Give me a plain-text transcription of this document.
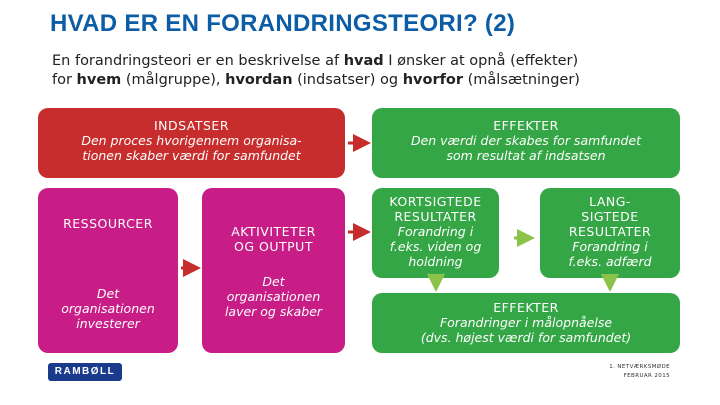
HVAD ER EN FORANDRINGSTEORI? (2)
En forandringsteori er en beskrivelse af hvad I ønsker at opnå (effekter)
for hvem (målgruppe), hvordan (indsatser) og hvorfor (målsætninger)
INDSATSER
Den proces hvorigennem organisa-
tionen skaber værdi for samfundet
EFFEKTER
Den værdi der skabes for samfundet
som resultat af indsatsen
RESSOURCER
Det
organisationen
investerer
AKTIVITETER
OG OUTPUT
Det
organisationen
laver og skaber
KORTSIGTEDE
RESULTATER
Forandring i
f.eks. viden og
holdning
LANG-
SIGTEDE
RESULTATER
Forandring i
f.eks. adfærd
EFFEKTER
Forandringer i målopnåelse
(dvs. højest værdi for samfundet)
RAMBØLL	1. NETVÆRKSMØDE
FEBRUAR 2015
